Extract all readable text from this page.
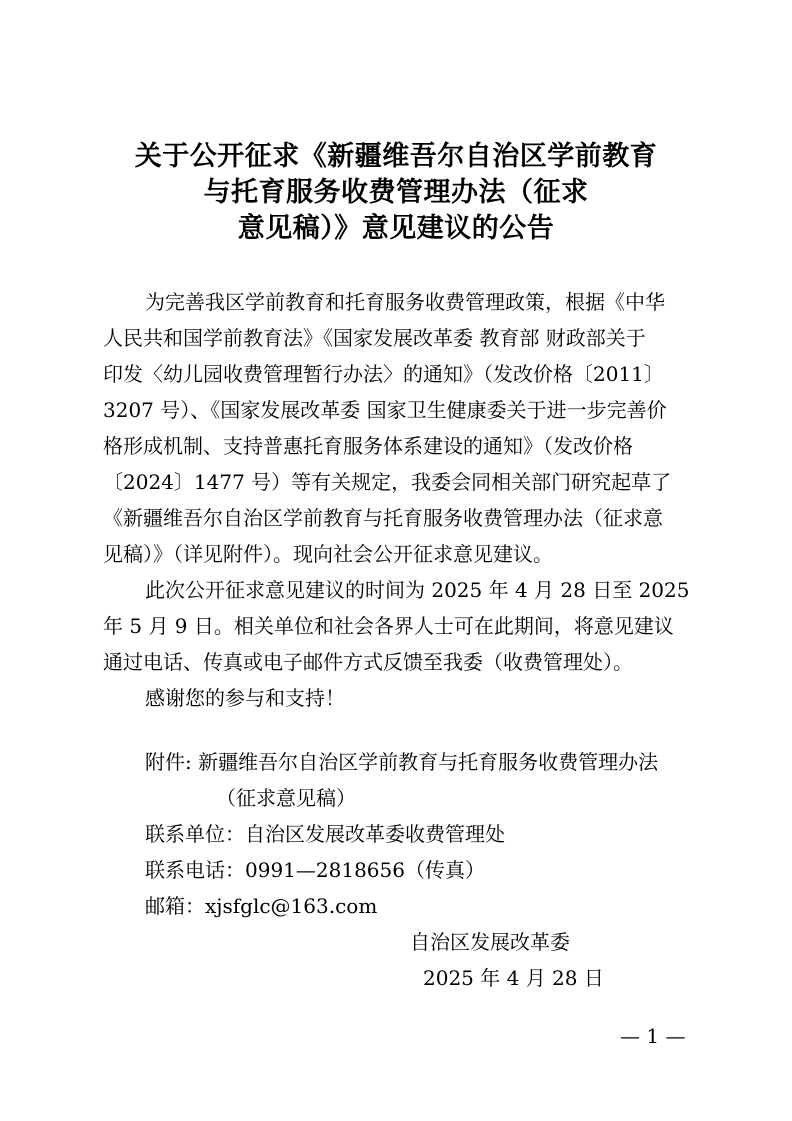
关于公开征求《新疆维吾尔自治区学前教育
与托育服务收费管理办法（征求
意见稿）》意见建议的公告
为完善我区学前教育和托育服务收费管理政策，根据《中华
人民共和国学前教育法》《国家发展改革委 教育部 财政部关于
印发〈幼儿园收费管理暂行办法〉的通知》（发改价格〔2011〕
3207 号）、《国家发展改革委 国家卫生健康委关于进一步完善价
格形成机制、支持普惠托育服务体系建设的通知》（发改价格
〔2024〕1477 号）等有关规定，我委会同相关部门研究起草了
《新疆维吾尔自治区学前教育与托育服务收费管理办法（征求意
见稿）》（详见附件）。现向社会公开征求意见建议。
此次公开征求意见建议的时间为 2025 年 4 月 28 日至 2025
年 5 月 9 日。相关单位和社会各界人士可在此期间，将意见建议
通过电话、传真或电子邮件方式反馈至我委（收费管理处）。
感谢您的参与和支持！
附件: 新疆维吾尔自治区学前教育与托育服务收费管理办法
（征求意见稿）
联系单位：自治区发展改革委收费管理处
联系电话：0991—2818656（传真）
邮箱：xjsfglc@163.com
自治区发展改革委
2025 年 4 月 28 日
— 1 —
